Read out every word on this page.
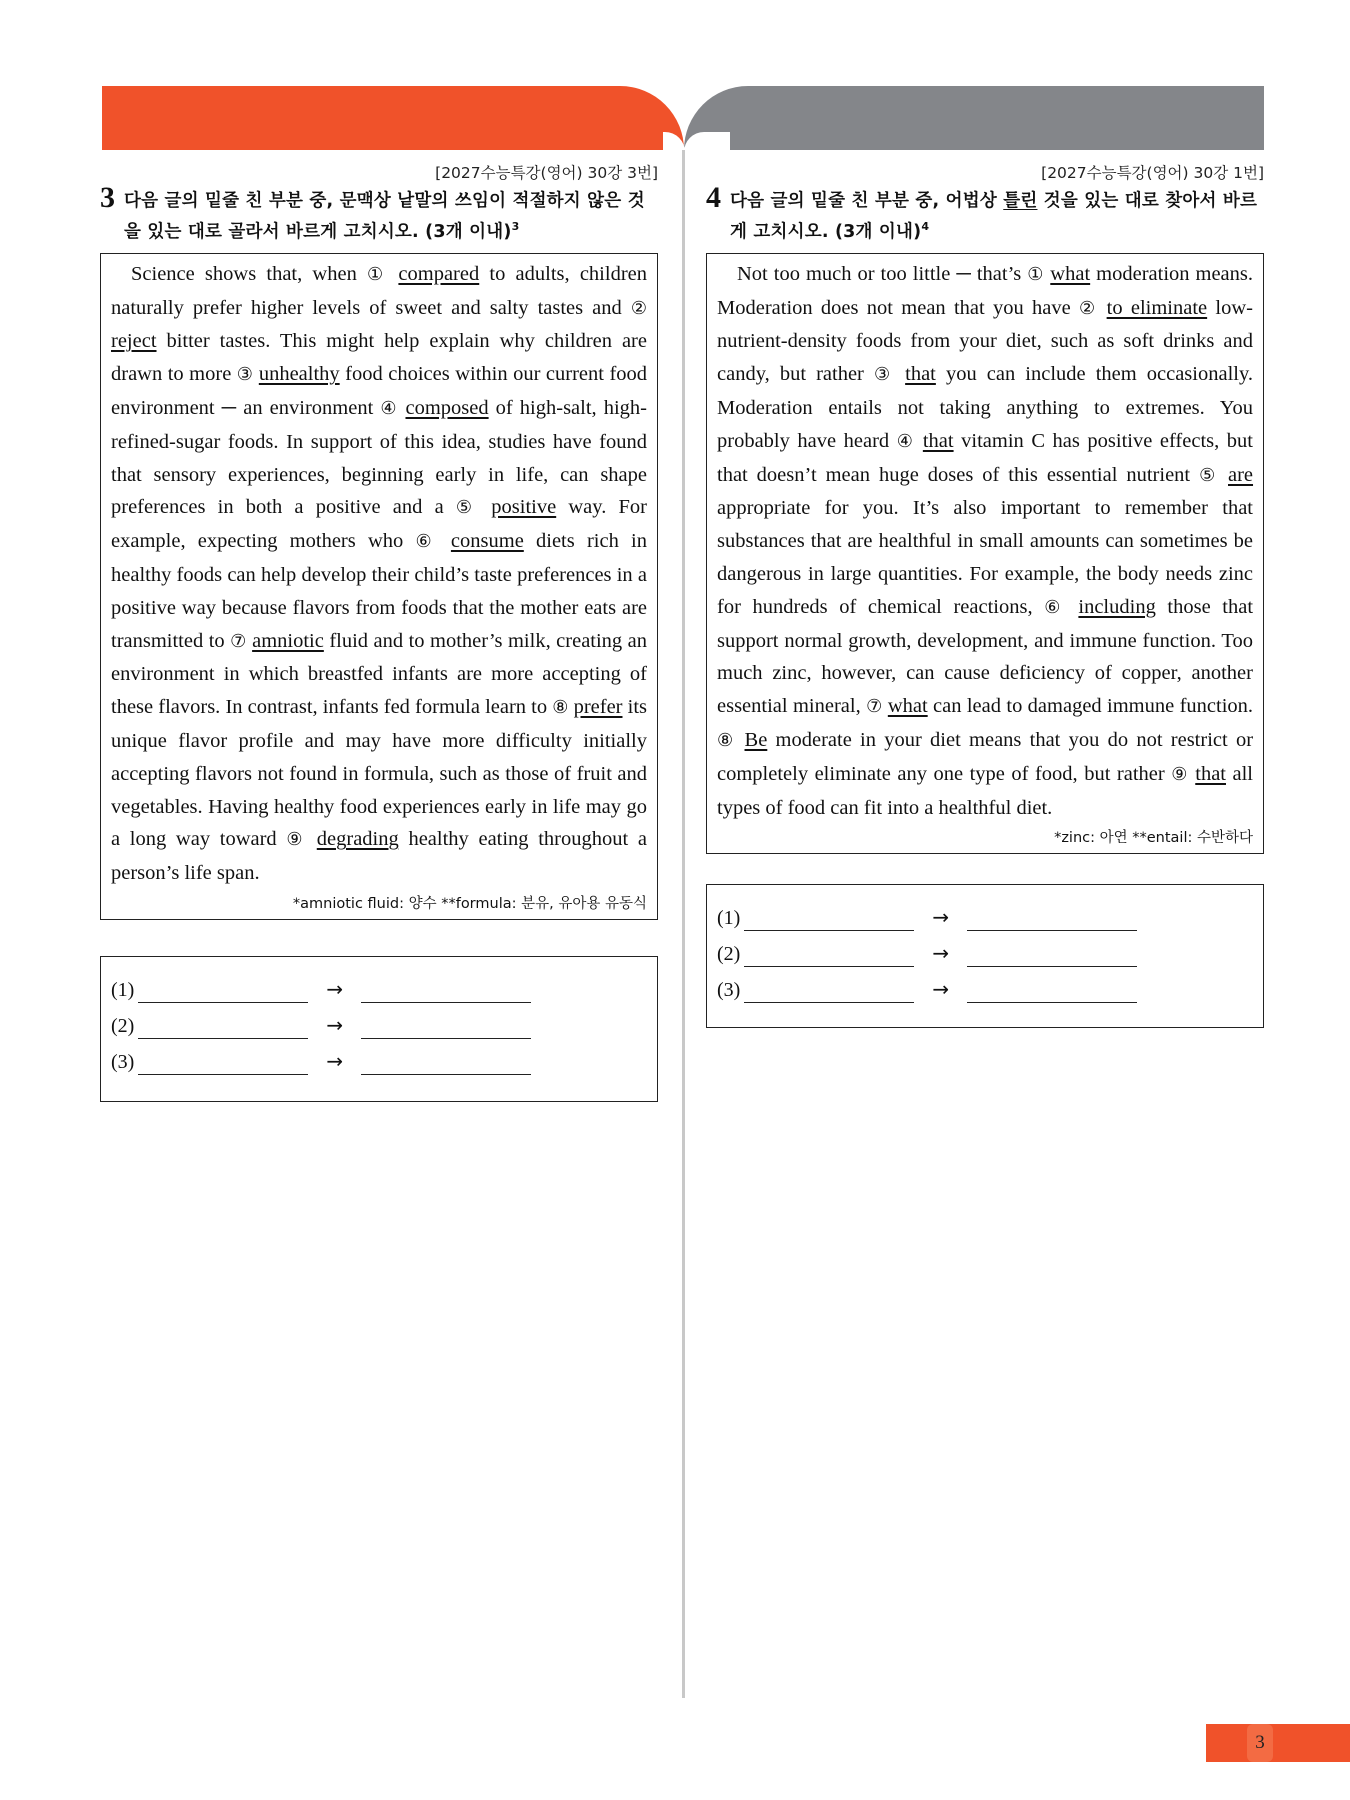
[2027수능특강(영어) 30강 3번]
3 다음 글의 밑줄 친 부분 중, 문맥상 낱말의 쓰임이 적절하지 않은 것을 있는 대로 골라서 바르게 고치시오. (3개 이내)$^3$

Science shows that, when ① compared to adults, children naturally prefer higher levels of sweet and salty tastes and ② reject bitter tastes. This might help explain why children are drawn to more ③ unhealthy food choices within our current food environment ─ an environment ④ composed of high-salt, high-refined-sugar foods. In support of this idea, studies have found that sensory experiences, beginning early in life, can shape preferences in both a positive and a ⑤ positive way. For example, expecting mothers who ⑥ consume diets rich in healthy foods can help develop their child’s taste preferences in a positive way because flavors from foods that the mother eats are transmitted to ⑦ amniotic fluid and to mother’s milk, creating an environment in which breastfed infants are more accepting of these flavors. In contrast, infants fed formula learn to ⑧ prefer its unique flavor profile and may have more difficulty initially accepting flavors not found in formula, such as those of fruit and vegetables. Having healthy food experiences early in life may go a long way toward ⑨ degrading healthy eating throughout a person’s life span.

*amniotic fluid: 양수 **formula: 분유, 유아용 유동식
(1)	→
(2)	→
(3)	→
[2027수능특강(영어) 30강 1번]
4 다음 글의 밑줄 친 부분 중, 어법상 틀린 것을 있는 대로 찾아서 바르게 고치시오. (3개 이내)$^4$

Not too much or too little ─ that’s ① what moderation means. Moderation does not mean that you have ② to eliminate low-nutrient-density foods from your diet, such as soft drinks and candy, but rather ③ that you can include them occasionally. Moderation entails not taking anything to extremes. You probably have heard ④ that vitamin C has positive effects, but that doesn’t mean huge doses of this essential nutrient ⑤ are appropriate for you. It’s also important to remember that substances that are healthful in small amounts can sometimes be dangerous in large quantities. For example, the body needs zinc for hundreds of chemical reactions, ⑥ including those that support normal growth, development, and immune function. Too much zinc, however, can cause deficiency of copper, another essential mineral, ⑦ what can lead to damaged immune function. ⑧ Be moderate in your diet means that you do not restrict or completely eliminate any one type of food, but rather ⑨ that all types of food can fit into a healthful diet.

*zinc: 아연 **entail: 수반하다
(1)	→
(2)	→
(3)	→
3
